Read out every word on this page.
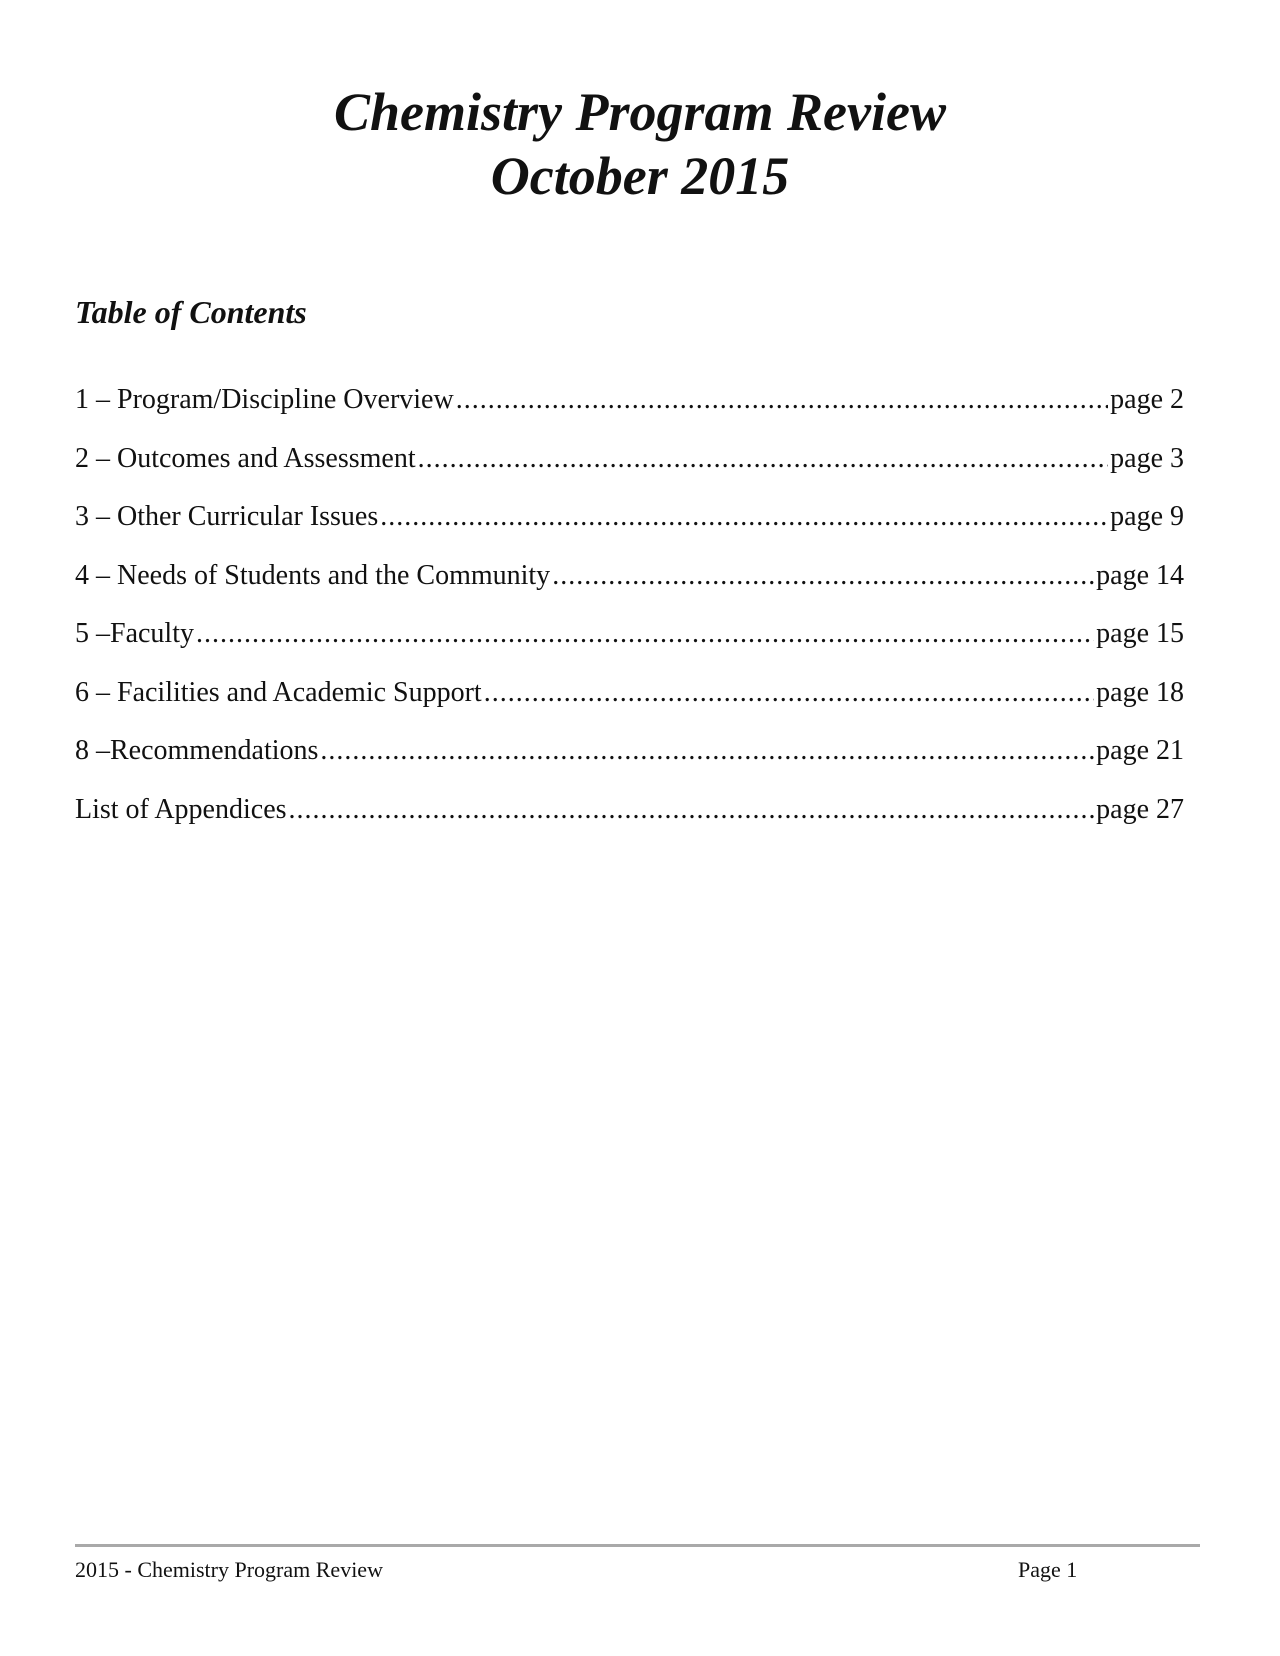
Chemistry Program Review
October 2015
Table of Contents
1 – Program/Discipline Overview .....	page 2
2 – Outcomes and Assessment .....	page 3
3 – Other Curricular Issues .....	page 9
4 – Needs of Students and the Community .....	page 14
5 –Faculty .....	page 15
6 – Facilities and Academic Support .....	page 18
8 –Recommendations .....	page 21
List of Appendices .....	page 27
2015 - Chemistry Program Review	Page 1
